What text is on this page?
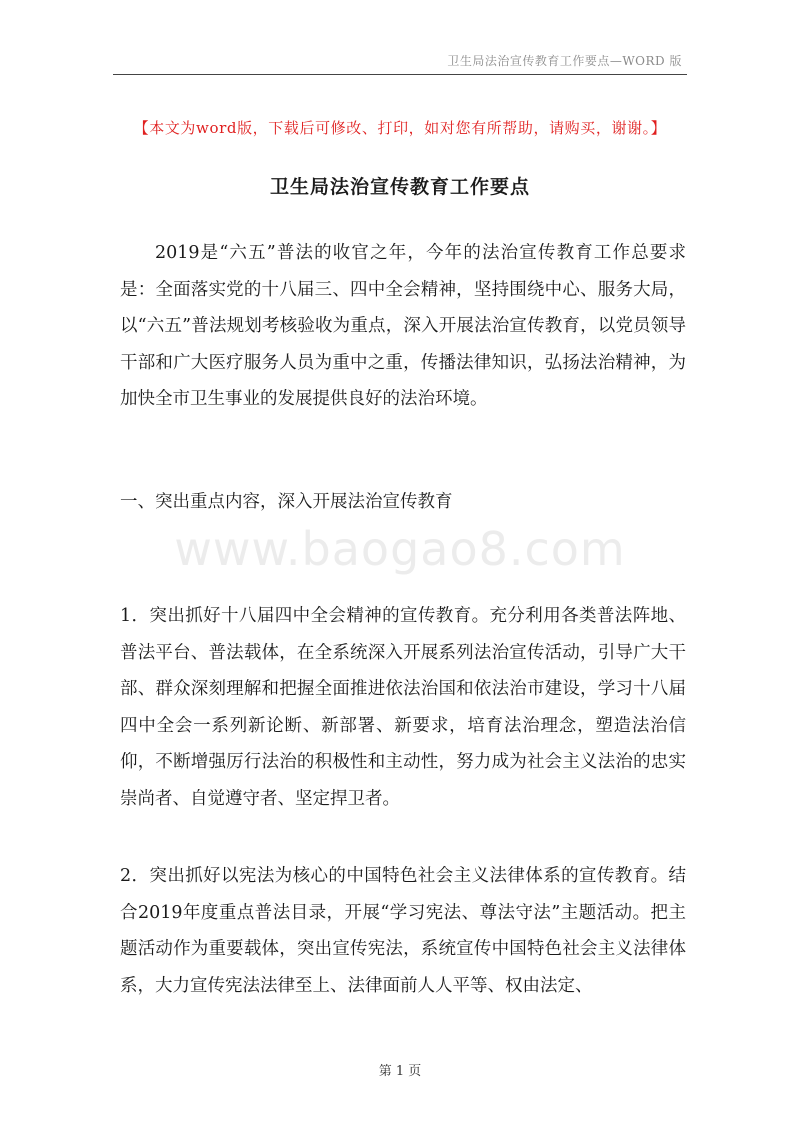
卫生局法治宣传教育工作要点—WORD 版
【本文为word版，下载后可修改、打印，如对您有所帮助，请购买，谢谢。】
卫生局法治宣传教育工作要点

2019是“六五”普法的收官之年，今年的法治宣传教育工作总要求是：全面落实党的十八届三、四中全会精神，坚持围绕中心、服务大局，以“六五”普法规划考核验收为重点，深入开展法治宣传教育，以党员领导干部和广大医疗服务人员为重中之重，传播法律知识，弘扬法治精神，为加快全市卫生事业的发展提供良好的法治环境。

一、突出重点内容，深入开展法治宣传教育

www.baogao8.com

1．突出抓好十八届四中全会精神的宣传教育。充分利用各类普法阵地、普法平台、普法载体，在全系统深入开展系列法治宣传活动，引导广大干部、群众深刻理解和把握全面推进依法治国和依法治市建设，学习十八届四中全会一系列新论断、新部署、新要求，培育法治理念，塑造法治信仰，不断增强厉行法治的积极性和主动性，努力成为社会主义法治的忠实崇尚者、自觉遵守者、坚定捍卫者。

2．突出抓好以宪法为核心的中国特色社会主义法律体系的宣传教育。结合2019年度重点普法目录，开展“学习宪法、尊法守法”主题活动。把主题活动作为重要载体，突出宣传宪法，系统宣传中国特色社会主义法律体系，大力宣传宪法法律至上、法律面前人人平等、权由法定、

第 1 页
